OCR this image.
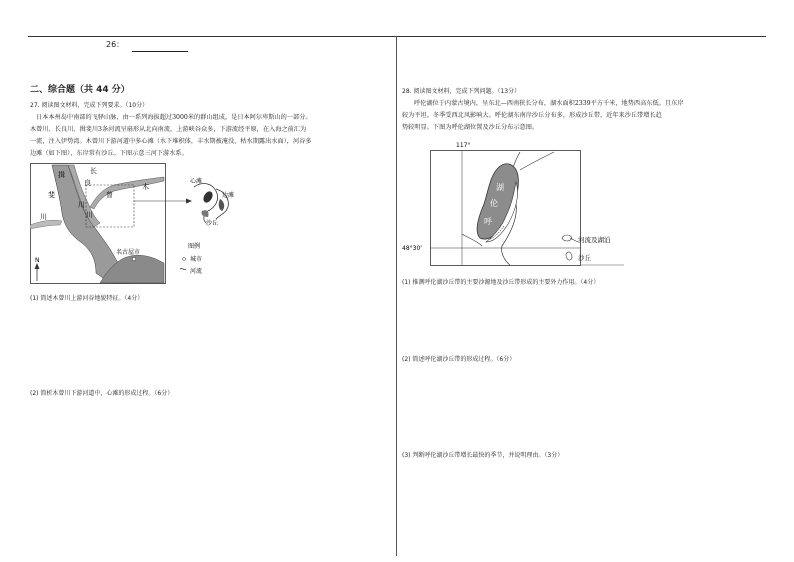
26：
二、综合题（共 44 分）
27. 阅读图文材料，完成下列要求。（10分）
日本本州岛中南部的飞驿山脉，由一系列海拔超过3000米的群山组成，是日本阿尔卑斯山的一部分。
木曾川、长良川、揖斐川3条河流呈扇形从北向南流，上游峡谷众多，下游流经平原，在入海之前汇为
一流，注入伊势湾。木曾川下游河道中多心滩（水下堆积体，丰水期被淹没，枯水期露出水面），河谷多
边滩（如下图），东岸常有沙丘。下图示意三河下游水系。
揖
斐
川
长
良
川
木
曾
川
名古屋市
N
图例
城市
河流
心滩
边滩
沙丘
(1) 简述木曾川上游河谷地貌特征。（4分）
(2) 简析木曾川下游河道中，心滩的形成过程。（6分）
28. 阅读图文材料，完成下列问题。（13分）
呼伦湖位于内蒙古境内，呈东北—西南狭长分布，湖水面积2339平方千米，地势西高东低。且东岸
较为平坦。冬季受西北风影响大。呼伦湖东南岸沙丘分布多，形成沙丘带，近年来沙丘带增长趋
势较明显。下图为呼伦湖位置及沙丘分布示意图。
117°
48°30'
湖
伦
呼
河流及湖泊
沙丘
(1) 推测呼伦湖沙丘带的主要沙源地及沙丘带形成的主要外力作用。（4分）
(2) 简述呼伦湖沙丘带的形成过程。（6分）
(3) 判断呼伦湖沙丘带增长最快的季节，并说明理由。（3分）
